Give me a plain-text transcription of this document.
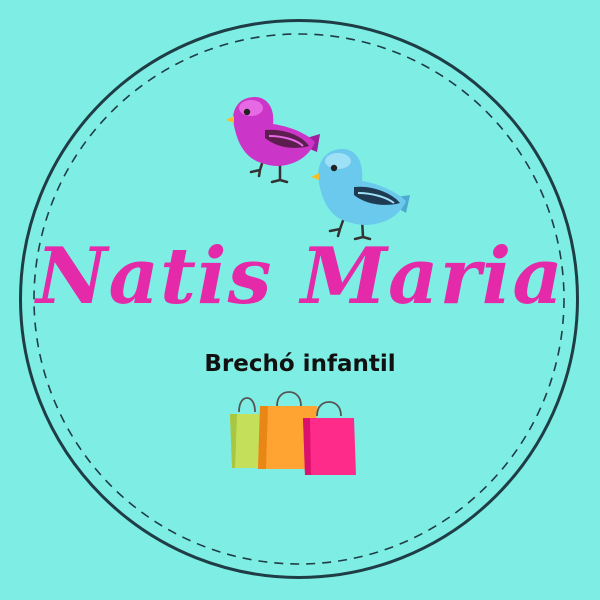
Natis Maria
Brechó infantil
